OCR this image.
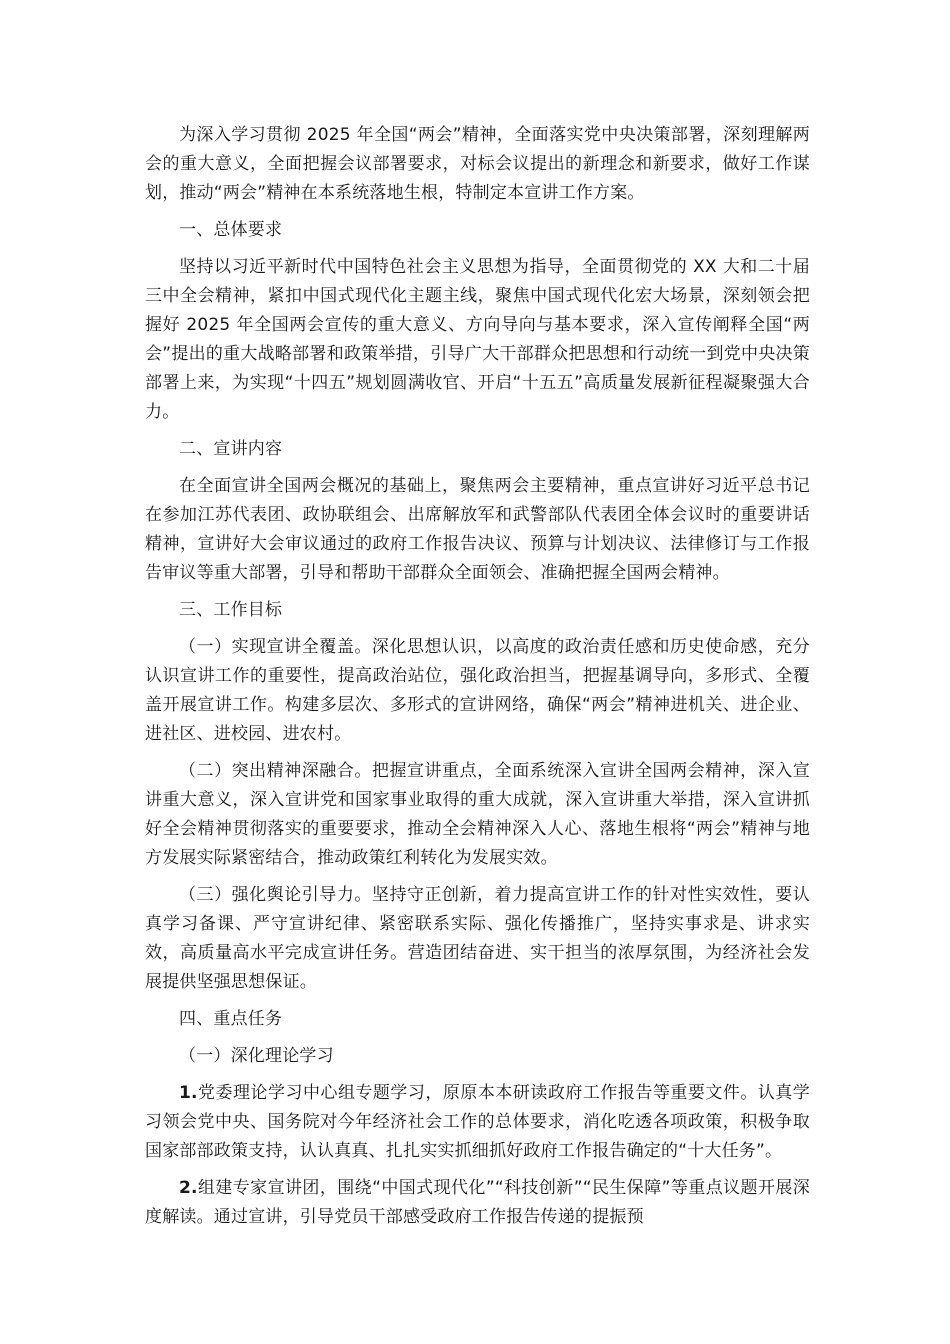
为深入学习贯彻 2025 年全国“两会”精神，全面落实党中央决策部署，深刻理解两会的重大意义，全面把握会议部署要求，对标会议提出的新理念和新要求，做好工作谋划，推动“两会”精神在本系统落地生根，特制定本宣讲工作方案。

一、总体要求

坚持以习近平新时代中国特色社会主义思想为指导，全面贯彻党的 XX 大和二十届三中全会精神，紧扣中国式现代化主题主线，聚焦中国式现代化宏大场景，深刻领会把握好 2025 年全国两会宣传的重大意义、方向导向与基本要求，深入宣传阐释全国“两会”提出的重大战略部署和政策举措，引导广大干部群众把思想和行动统一到党中央决策部署上来，为实现“十四五”规划圆满收官、开启“十五五”高质量发展新征程凝聚强大合力。

二、宣讲内容

在全面宣讲全国两会概况的基础上，聚焦两会主要精神，重点宣讲好习近平总书记在参加江苏代表团、政协联组会、出席解放军和武警部队代表团全体会议时的重要讲话精神，宣讲好大会审议通过的政府工作报告决议、预算与计划决议、法律修订与工作报告审议等重大部署，引导和帮助干部群众全面领会、准确把握全国两会精神。

三、工作目标

（一）实现宣讲全覆盖。深化思想认识，以高度的政治责任感和历史使命感，充分认识宣讲工作的重要性，提高政治站位，强化政治担当，把握基调导向，多形式、全覆盖开展宣讲工作。构建多层次、多形式的宣讲网络，确保“两会”精神进机关、进企业、进社区、进校园、进农村。

（二）突出精神深融合。把握宣讲重点，全面系统深入宣讲全国两会精神，深入宣讲重大意义，深入宣讲党和国家事业取得的重大成就，深入宣讲重大举措，深入宣讲抓好全会精神贯彻落实的重要要求，推动全会精神深入人心、落地生根将“两会”精神与地方发展实际紧密结合，推动政策红利转化为发展实效。

（三）强化舆论引导力。坚持守正创新，着力提高宣讲工作的针对性实效性，要认真学习备课、严守宣讲纪律、紧密联系实际、强化传播推广，坚持实事求是、讲求实效，高质量高水平完成宣讲任务。营造团结奋进、实干担当的浓厚氛围，为经济社会发展提供坚强思想保证。

四、重点任务

（一）深化理论学习

1.党委理论学习中心组专题学习，原原本本研读政府工作报告等重要文件。认真学习领会党中央、国务院对今年经济社会工作的总体要求，消化吃透各项政策，积极争取国家部部政策支持，认认真真、扎扎实实抓细抓好政府工作报告确定的“十大任务”。

2.组建专家宣讲团，围绕“中国式现代化”“科技创新”“民生保障”等重点议题开展深度解读。通过宣讲，引导党员干部感受政府工作报告传递的提振预
